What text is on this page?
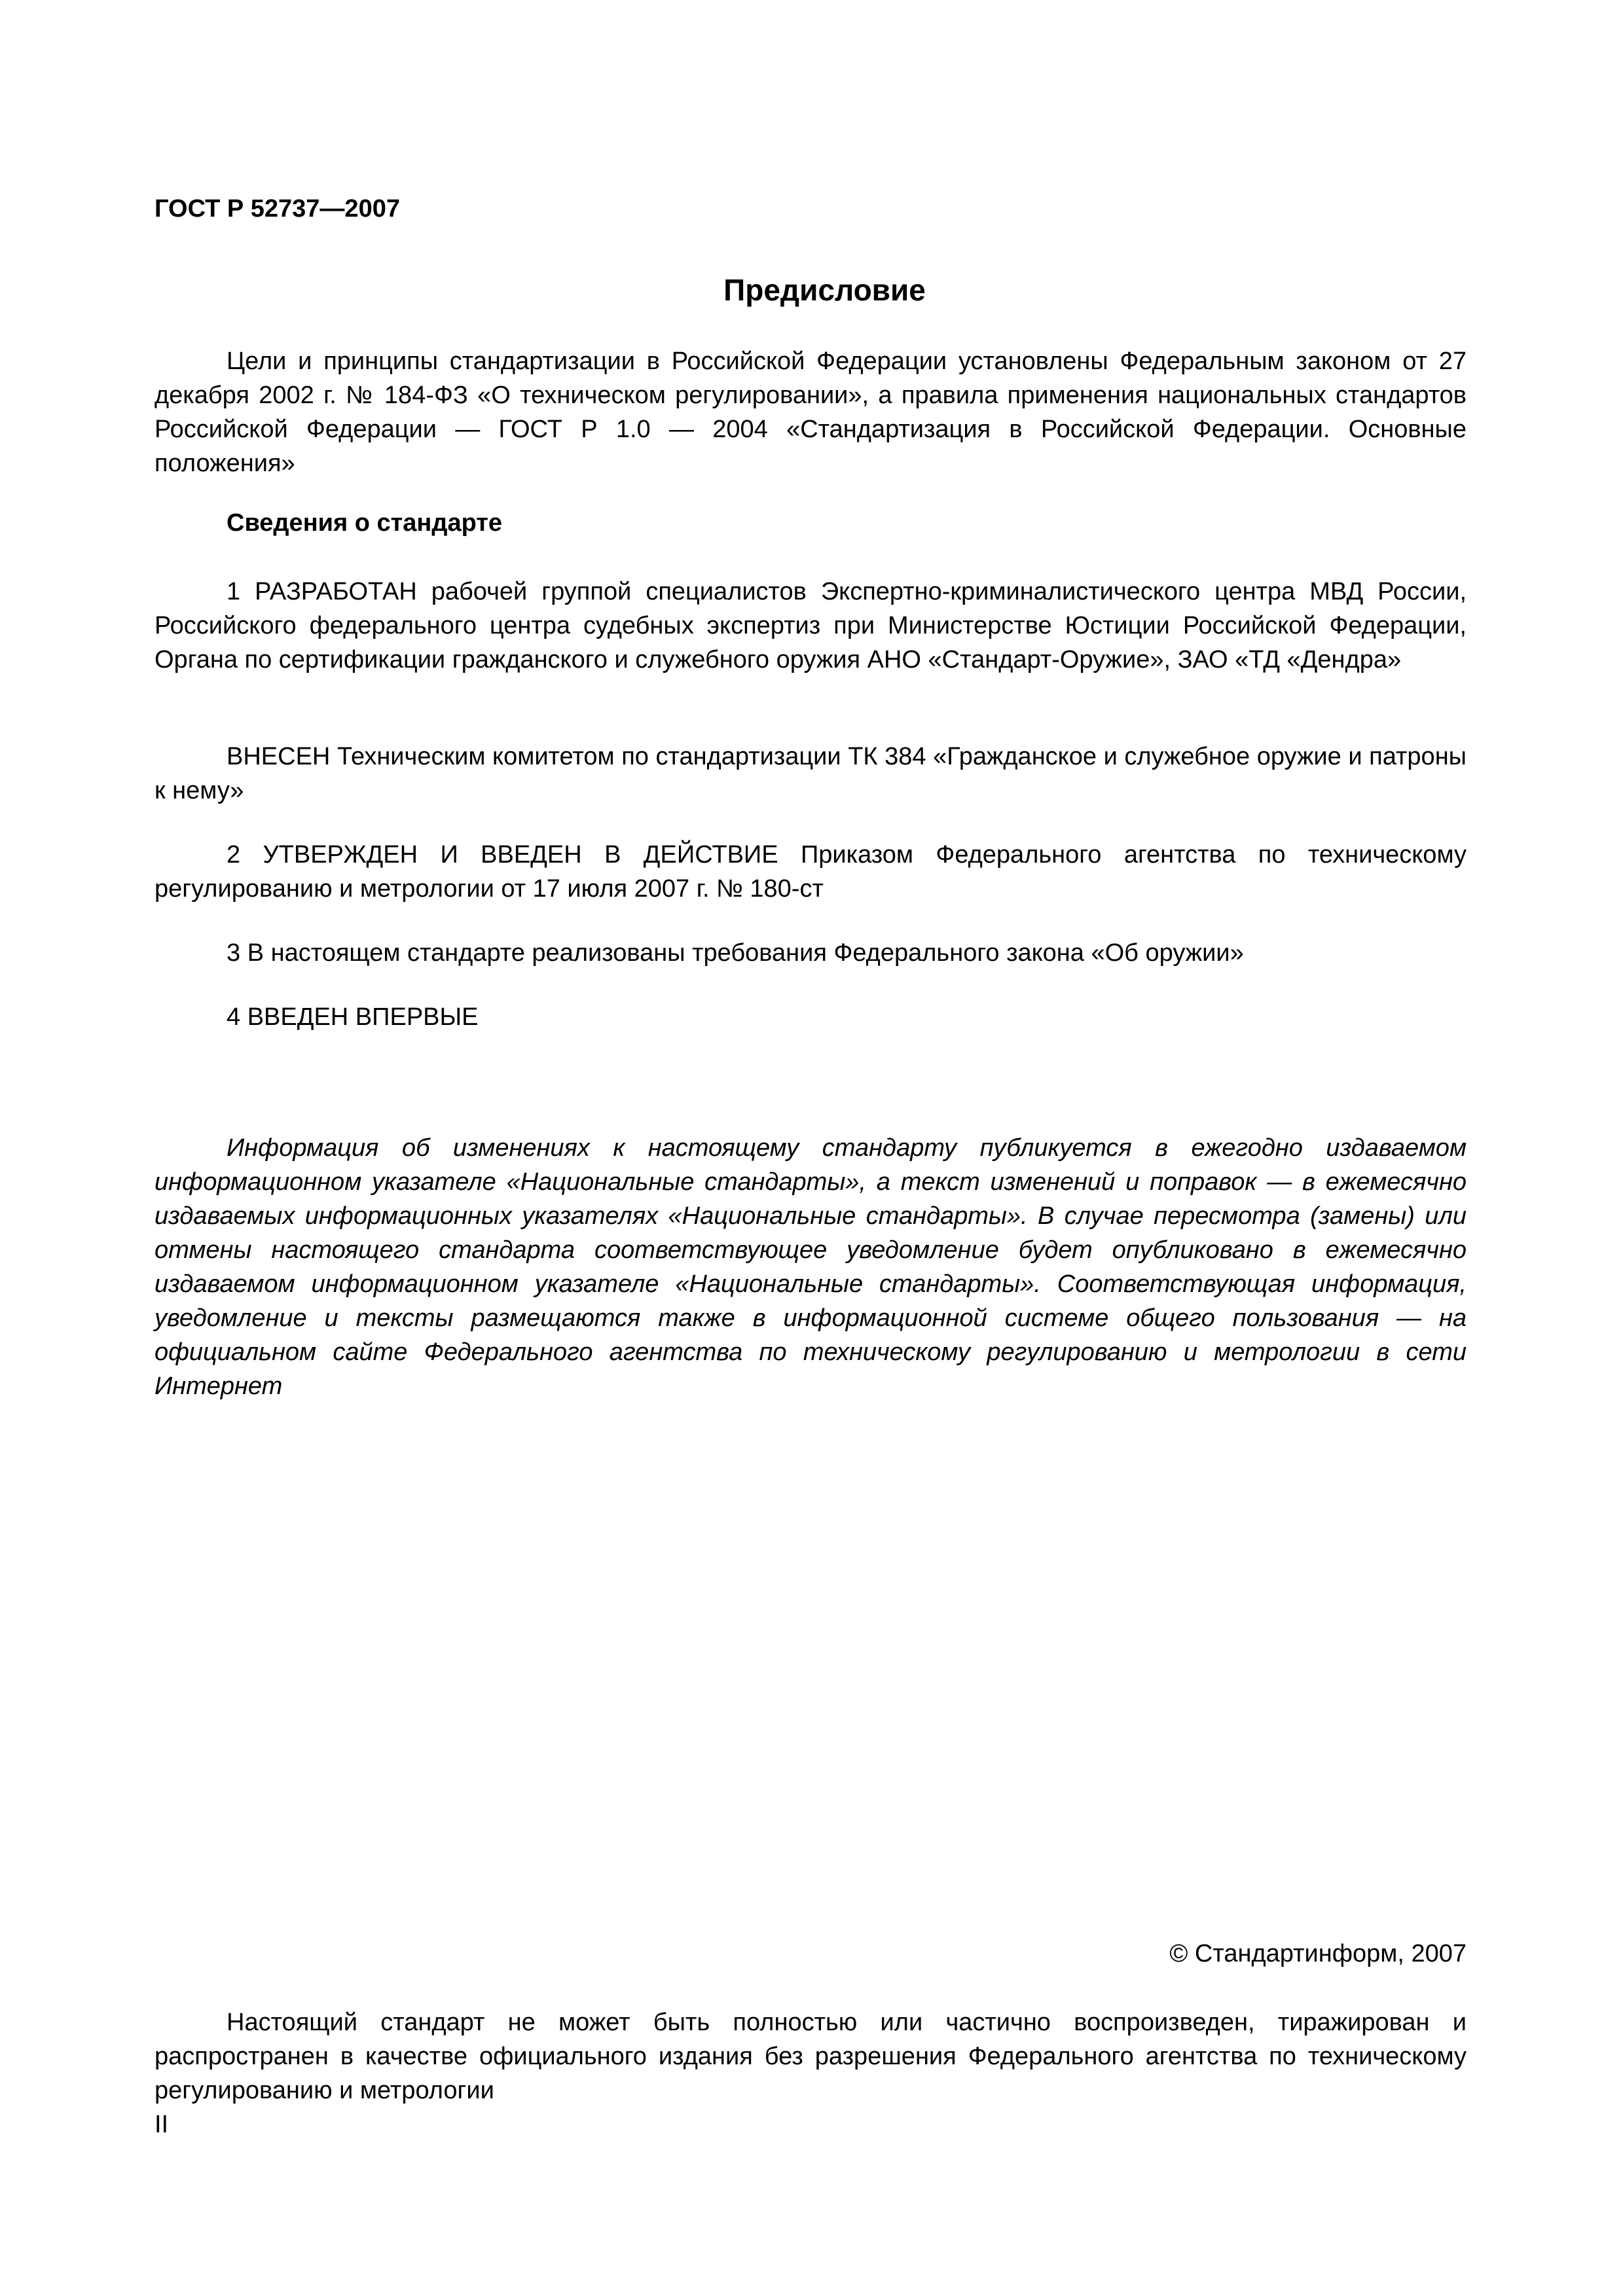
ГОСТ Р 52737—2007
Предисловие
Цели и принципы стандартизации в Российской Федерации установлены Федеральным законом от 27 декабря 2002 г. № 184-ФЗ «О техническом регулировании», а правила применения национальных стандартов Российской Федерации — ГОСТ Р 1.0 — 2004 «Стандартизация в Российской Федерации. Основные положения»
Сведения о стандарте
1 РАЗРАБОТАН рабочей группой специалистов Экспертно-криминалистического центра МВД России, Российского федерального центра судебных экспертиз при Министерстве Юстиции Российской Федерации, Органа по сертификации гражданского и служебного оружия АНО «Стандарт-Оружие», ЗАО «ТД «Дендра»
ВНЕСЕН Техническим комитетом по стандартизации ТК 384 «Гражданское и служебное оружие и патроны к нему»
2 УТВЕРЖДЕН И ВВЕДЕН В ДЕЙСТВИЕ Приказом Федерального агентства по техническому регулированию и метрологии от 17 июля 2007 г. № 180-ст
3 В настоящем стандарте реализованы требования Федерального закона «Об оружии»
4 ВВЕДЕН ВПЕРВЫЕ
Информация об изменениях к настоящему стандарту публикуется в ежегодно издаваемом информационном указателе «Национальные стандарты», а текст изменений и поправок — в ежемесячно издаваемых информационных указателях «Национальные стандарты». В случае пересмотра (замены) или отмены настоящего стандарта соответствующее уведомление будет опубликовано в ежемесячно издаваемом информационном указателе «Национальные стандарты». Соответствующая информация, уведомление и тексты размещаются также в информационной системе общего пользования — на официальном сайте Федерального агентства по техническому регулированию и метрологии в сети Интернет
© Стандартинформ, 2007
Настоящий стандарт не может быть полностью или частично воспроизведен, тиражирован и распространен в качестве официального издания без разрешения Федерального агентства по техническому регулированию и метрологии
II
